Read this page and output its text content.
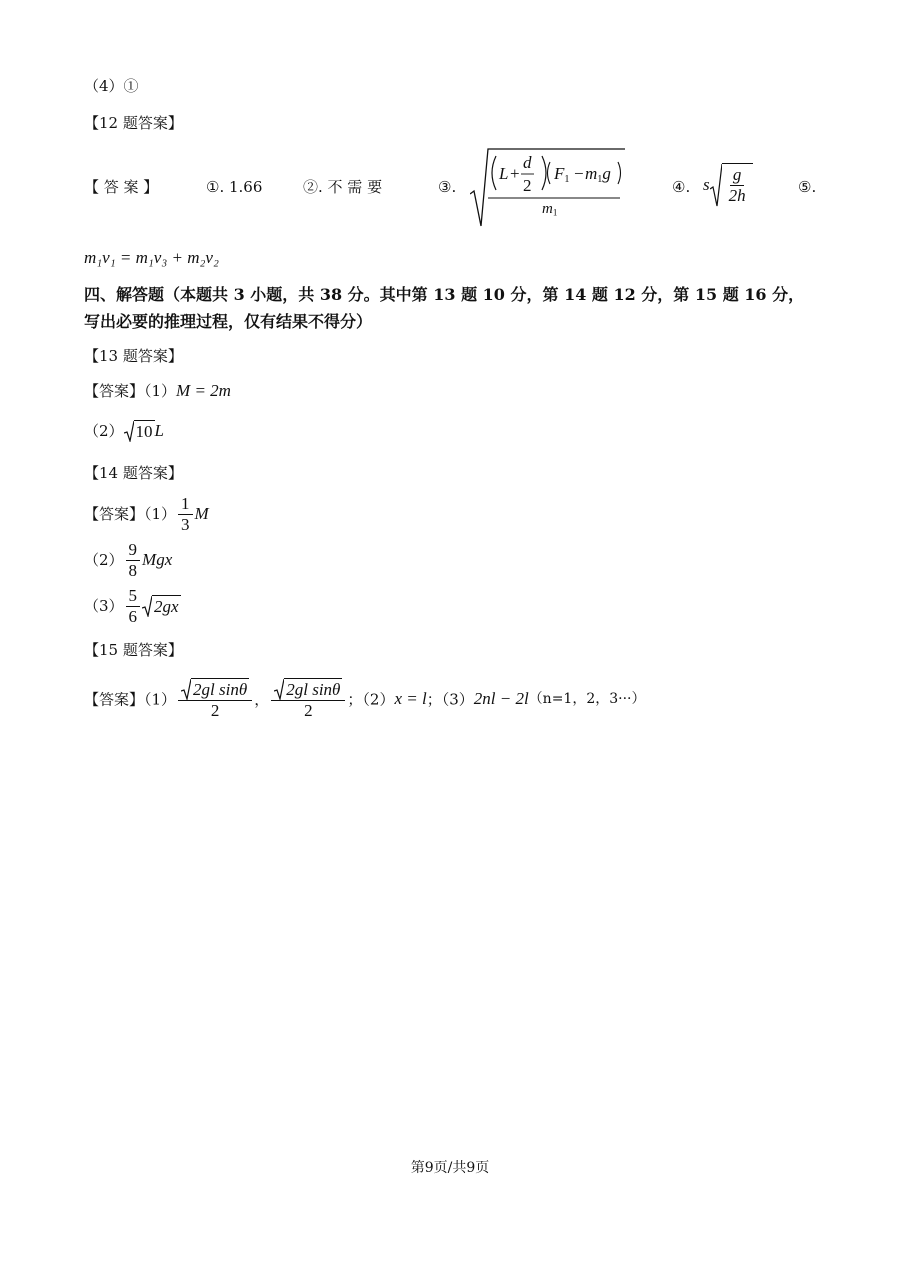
（4）①
【12 题答案】
【 答 案 】	①. 1.66	②. 不 需 要	③.
L +
d
2
$F_1 - m_1g$
$m_1$
④. s $\frac{g}{2h}$	⑤.
m₁v₁ = m₁v₃ + m₂v₂
四、解答题（本题共 3 小题，共 38 分。其中第 13 题 10 分，第 14 题 12 分，第 15 题 16 分，
写出必要的推理过程，仅有结果不得分）
【13 题答案】
【答案】（1）M = 2m
（2） 10 L
【14 题答案】
【答案】$(1) \frac{1}{3}$ M
$(2) \frac{9}{8}$ Mgx
$(3) \frac{5}{6} 2gx$
【15 题答案】
【答案】$(1) \frac{\text{2gl sinθ}}{2}$ ， $\frac{\text{2gl sinθ}}{2}$ ；（2）x = l；（3）2nl − 2l（n=1，2，3···）
第9页/共9页
